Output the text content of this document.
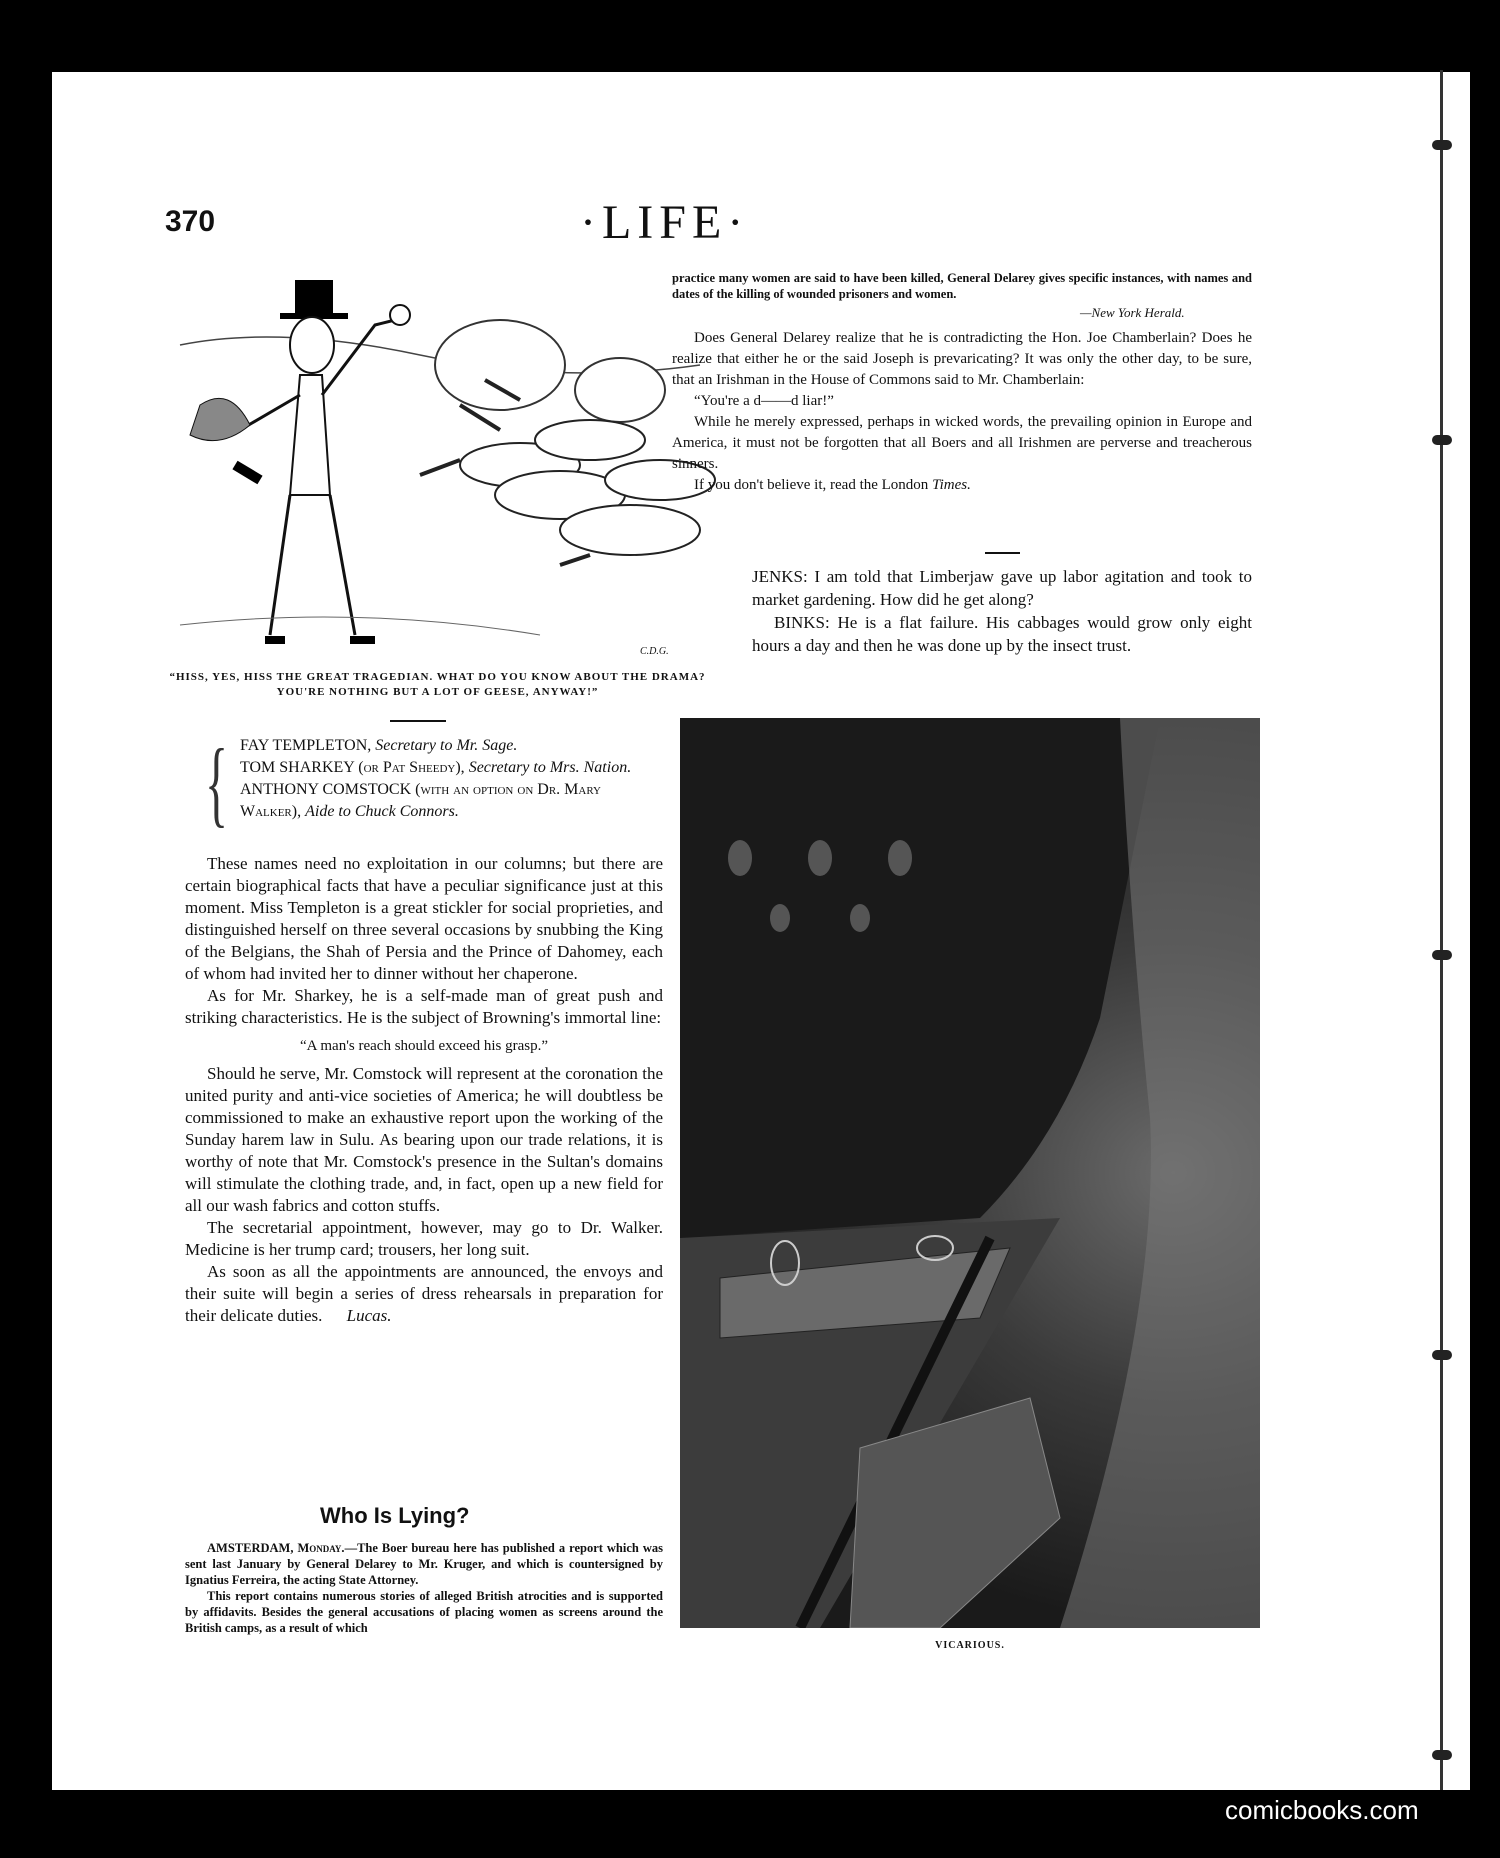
370	·LIFE·
C.D.G.
“HISS, YES, HISS THE GREAT TRAGEDIAN. WHAT DO YOU KNOW ABOUT THE DRAMA? YOU'RE NOTHING BUT A LOT OF GEESE, ANYWAY!”
practice many women are said to have been killed, General Delarey gives specific instances, with names and dates of the killing of wounded prisoners and women.
—New York Herald.

Does General Delarey realize that he is contradicting the Hon. Joe Chamberlain? Does he realize that either he or the said Joseph is prevaricating? It was only the other day, to be sure, that an Irishman in the House of Commons said to Mr. Chamberlain:

“You're a d——d liar!”

While he merely expressed, perhaps in wicked words, the prevailing opinion in Europe and America, it must not be forgotten that all Boers and all Irishmen are perverse and treacherous sinners.

If you don't believe it, read the London Times.

JENKS: I am told that Limberjaw gave up labor agitation and took to market gardening. How did he get along?

BINKS: He is a flat failure. His cabbages would grow only eight hours a day and then he was done up by the insect trust.

{ FAY TEMPLETON, Secretary to Mr. Sage.

TOM SHARKEY (or Pat Sheedy), Secretary to Mrs. Nation.

ANTHONY COMSTOCK (with an option on Dr. Mary Walker), Aide to Chuck Connors.

These names need no exploitation in our columns; but there are certain biographical facts that have a peculiar significance just at this moment. Miss Templeton is a great stickler for social proprieties, and distinguished herself on three several occasions by snubbing the King of the Belgians, the Shah of Persia and the Prince of Dahomey, each of whom had invited her to dinner without her chaperone.

As for Mr. Sharkey, he is a self-made man of great push and striking characteristics. He is the subject of Browning's immortal line:

“A man's reach should exceed his grasp.”

Should he serve, Mr. Comstock will represent at the coronation the united purity and anti-vice societies of America; he will doubtless be commissioned to make an exhaustive report upon the working of the Sunday harem law in Sulu. As bearing upon our trade relations, it is worthy of note that Mr. Comstock's presence in the Sultan's domains will stimulate the clothing trade, and, in fact, open up a new field for all our wash fabrics and cotton stuffs.

The secretarial appointment, however, may go to Dr. Walker. Medicine is her trump card; trousers, her long suit.

As soon as all the appointments are announced, the envoys and their suite will begin a series of dress rehearsals in preparation for their delicate duties. Lucas.

Who Is Lying?

AMSTERDAM, Monday.—The Boer bureau here has published a report which was sent last January by General Delarey to Mr. Kruger, and which is countersigned by Ignatius Ferreira, the acting State Attorney.

This report contains numerous stories of alleged British atrocities and is supported by affidavits. Besides the general accusations of placing women as screens around the British camps, as a result of which

VICARIOUS.
comicbooks.com
